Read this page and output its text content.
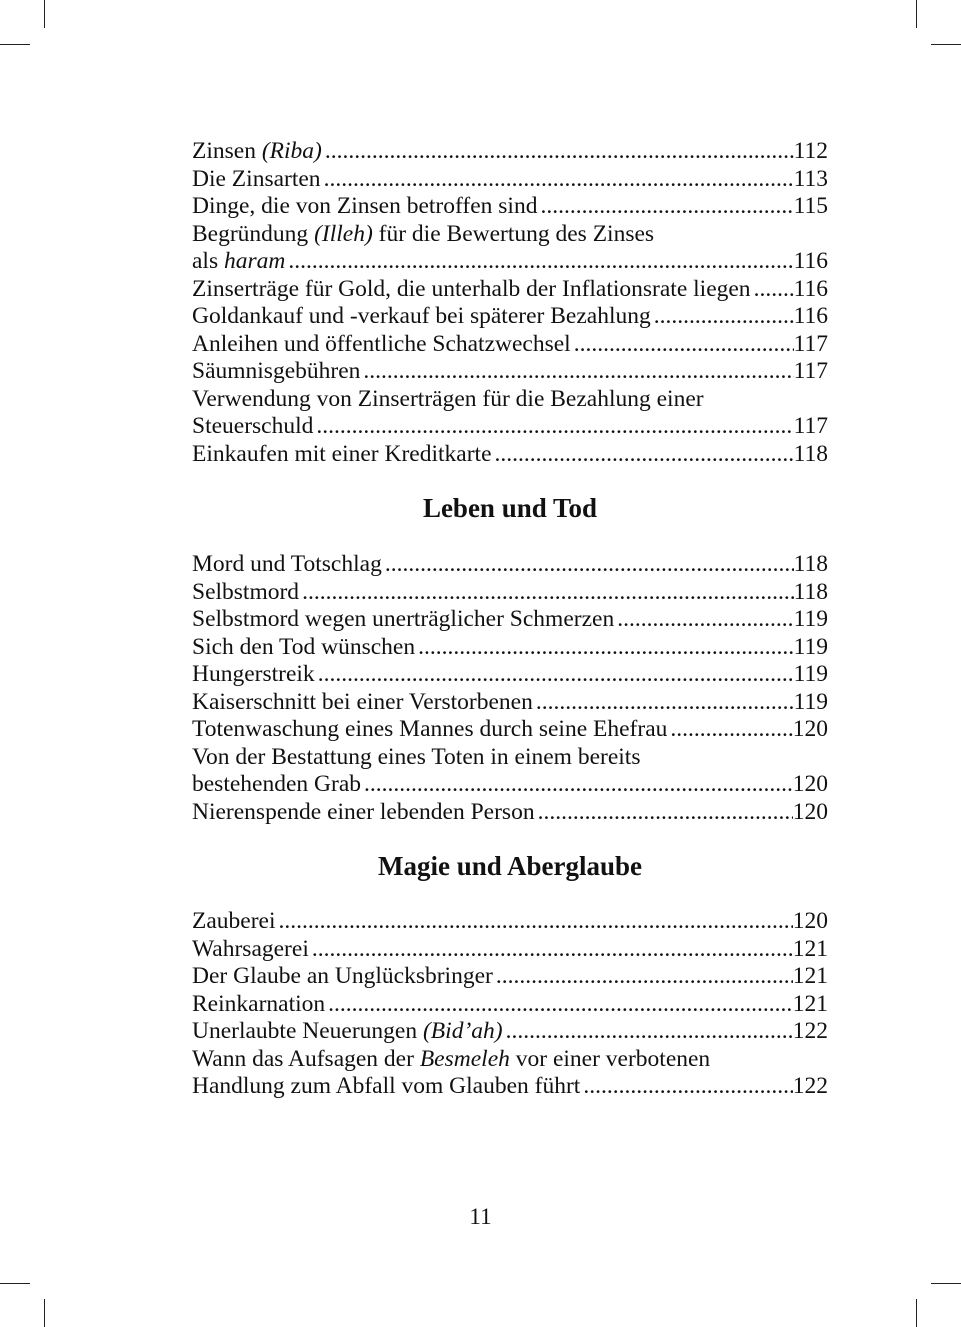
Zinsen (Riba) .....	112
Die Zinsarten .....	113
Dinge, die von Zinsen betroffen sind .....	115
Begründung (Illeh) für die Bewertung des Zinses
als haram .....	116
Zinserträge für Gold, die unterhalb der Inflationsrate liegen ..... 116
Goldankauf und -verkauf bei späterer Bezahlung .....	116
Anleihen und öffentliche Schatzwechsel .....	117
Säumnisgebühren .....	117
Verwendung von Zinserträgen für die Bezahlung einer
Steuerschuld .....	117
Einkaufen mit einer Kreditkarte .....	118
Leben und Tod
Mord und Totschlag .....	118
Selbstmord .....	118
Selbstmord wegen unerträglicher Schmerzen .....	119
Sich den Tod wünschen .....	119
Hungerstreik .....	119
Kaiserschnitt bei einer Verstorbenen .....	119
Totenwaschung eines Mannes durch seine Ehefrau .....	120
Von der Bestattung eines Toten in einem bereits
bestehenden Grab .....	120
Nierenspende einer lebenden Person .....	120
Magie und Aberglaube
Zauberei .....	120
Wahrsagerei .....	121
Der Glaube an Unglücksbringer .....	121
Reinkarnation .....	121
Unerlaubte Neuerungen (Bid’ah) .....	122
Wann das Aufsagen der Besmeleh vor einer verbotenen
Handlung zum Abfall vom Glauben führt .....	122
11
